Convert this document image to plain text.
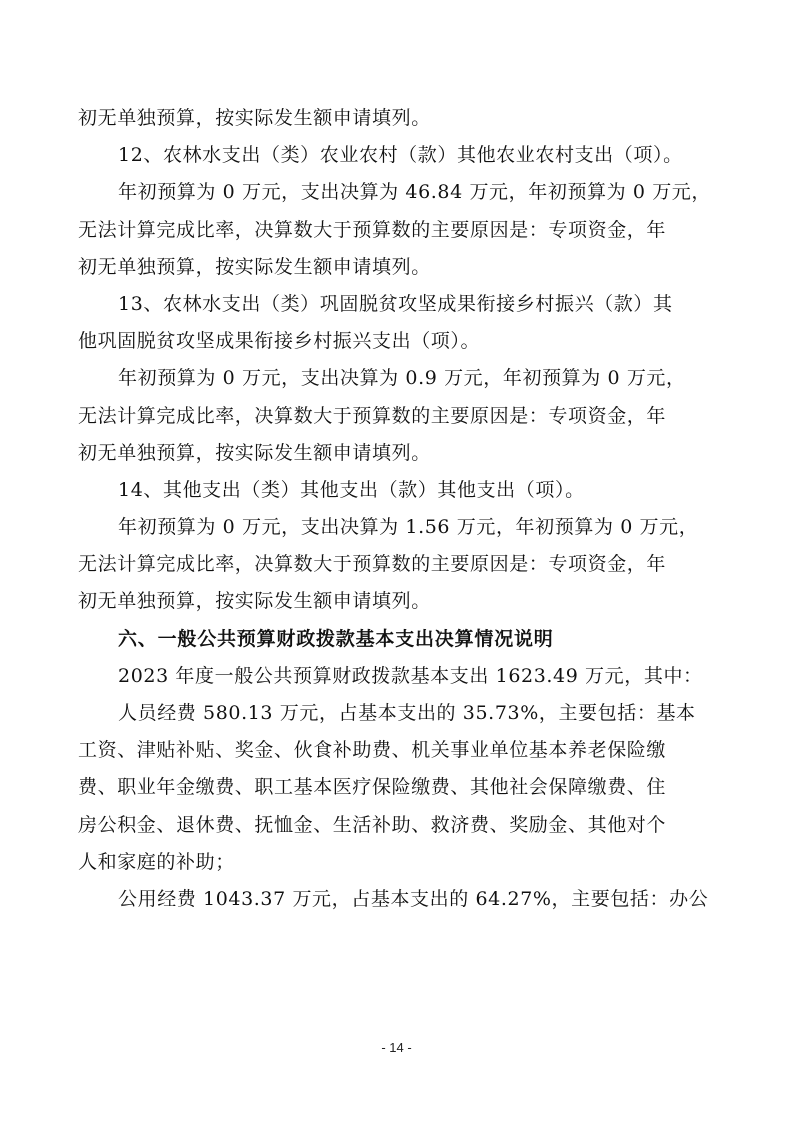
初无单独预算，按实际发生额申请填列。
12、农林水支出（类）农业农村（款）其他农业农村支出（项）。
年初预算为 0 万元，支出决算为 46.84 万元，年初预算为 0 万元，
无法计算完成比率，决算数大于预算数的主要原因是：专项资金，年
初无单独预算，按实际发生额申请填列。
13、农林水支出（类）巩固脱贫攻坚成果衔接乡村振兴（款）其
他巩固脱贫攻坚成果衔接乡村振兴支出（项）。
年初预算为 0 万元，支出决算为 0.9 万元，年初预算为 0 万元，
无法计算完成比率，决算数大于预算数的主要原因是：专项资金，年
初无单独预算，按实际发生额申请填列。
14、其他支出（类）其他支出（款）其他支出（项）。
年初预算为 0 万元，支出决算为 1.56 万元，年初预算为 0 万元，
无法计算完成比率，决算数大于预算数的主要原因是：专项资金，年
初无单独预算，按实际发生额申请填列。
六、一般公共预算财政拨款基本支出决算情况说明
2023 年度一般公共预算财政拨款基本支出 1623.49 万元，其中：
人员经费 580.13 万元，占基本支出的 35.73%，主要包括：基本
工资、津贴补贴、奖金、伙食补助费、机关事业单位基本养老保险缴
费、职业年金缴费、职工基本医疗保险缴费、其他社会保障缴费、住
房公积金、退休费、抚恤金、生活补助、救济费、奖励金、其他对个
人和家庭的补助；
公用经费 1043.37 万元，占基本支出的 64.27%，主要包括：办公
- 14 -
